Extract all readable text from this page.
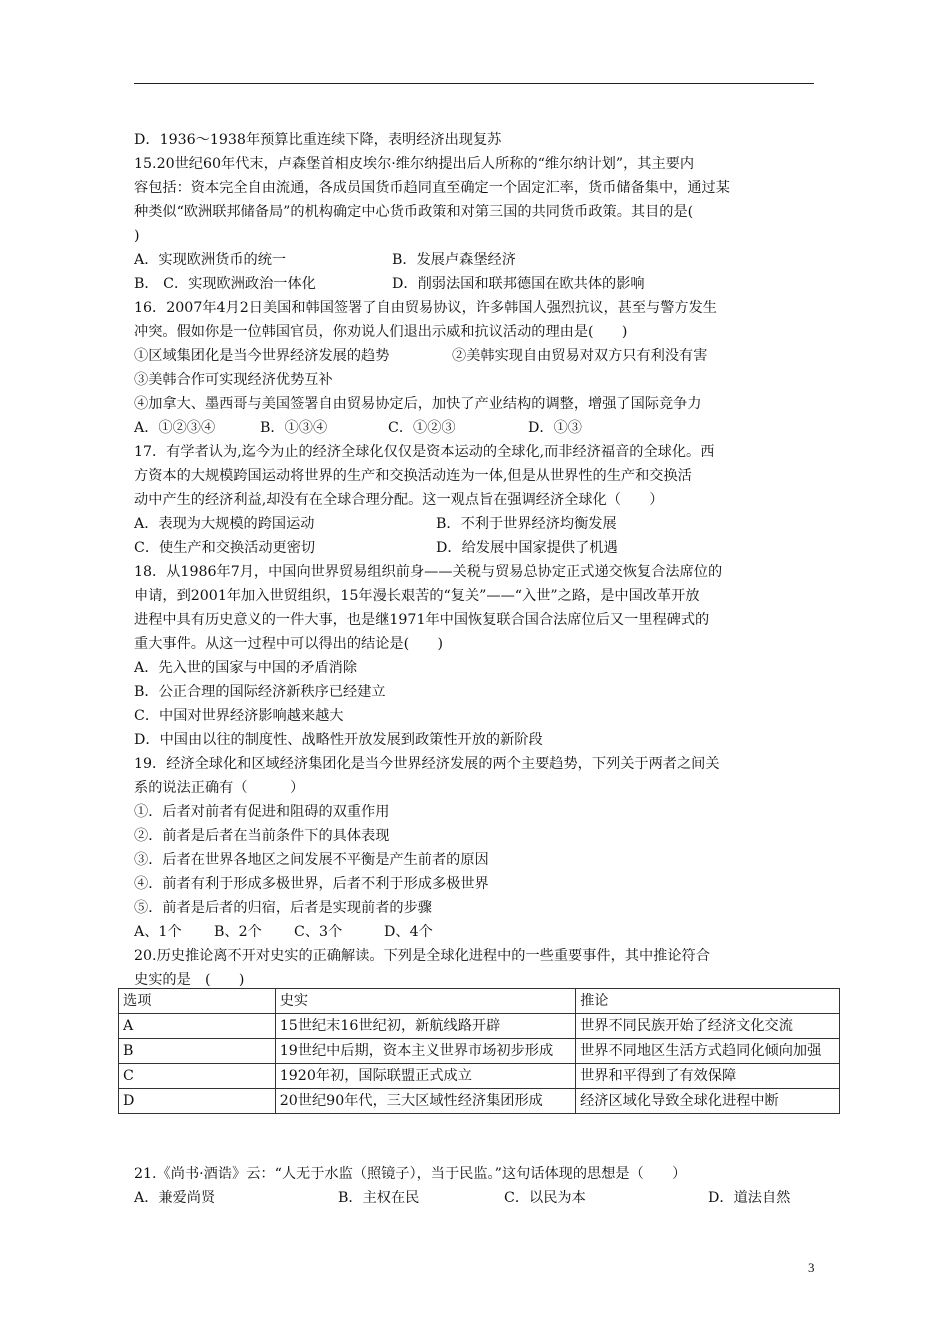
D．1936～1938年预算比重连续下降，表明经济出现复苏
15.20世纪60年代末，卢森堡首相皮埃尔·维尔纳提出后人所称的“维尔纳计划”，其主要内
容包括：资本完全自由流通，各成员国货币趋同直至确定一个固定汇率，货币储备集中，通过某
种类似“欧洲联邦储备局”的机构确定中心货币政策和对第三国的共同货币政策。其目的是(
)
A．实现欧洲货币的统一	B．发展卢森堡经济
B． C．实现欧洲政治一体化	D．削弱法国和联邦德国在欧共体的影响
16．2007年4月2日美国和韩国签署了自由贸易协议，许多韩国人强烈抗议，甚至与警方发生
冲突。假如你是一位韩国官员，你劝说人们退出示威和抗议活动的理由是(　　)
①区域集团化是当今世界经济发展的趋势	②美韩实现自由贸易对双方只有利没有害
③美韩合作可实现经济优势互补
④加拿大、墨西哥与美国签署自由贸易协定后，加快了产业结构的调整，增强了国际竞争力
A．①②③④	B．①③④	C．①②③	D．①③
17．有学者认为,迄今为止的经济全球化仅仅是资本运动的全球化,而非经济福音的全球化。西
方资本的大规模跨国运动将世界的生产和交换活动连为一体,但是从世界性的生产和交换活
动中产生的经济利益,却没有在全球合理分配。这一观点旨在强调经济全球化（　　）
A．表现为大规模的跨国运动	B．不利于世界经济均衡发展
C．使生产和交换活动更密切	D．给发展中国家提供了机遇
18．从1986年7月，中国向世界贸易组织前身——关税与贸易总协定正式递交恢复合法席位的
申请，到2001年加入世贸组织，15年漫长艰苦的“复关”——“入世”之路，是中国改革开放
进程中具有历史意义的一件大事，也是继1971年中国恢复联合国合法席位后又一里程碑式的
重大事件。从这一过程中可以得出的结论是(　　)
A．先入世的国家与中国的矛盾消除
B．公正合理的国际经济新秩序已经建立
C．中国对世界经济影响越来越大
D．中国由以往的制度性、战略性开放发展到政策性开放的新阶段
19．经济全球化和区域经济集团化是当今世界经济发展的两个主要趋势，下列关于两者之间关
系的说法正确有（　　　）
①．后者对前者有促进和阻碍的双重作用
②．前者是后者在当前条件下的具体表现
③．后者在世界各地区之间发展不平衡是产生前者的原因
④．前者有利于形成多极世界，后者不利于形成多极世界
⑤．前者是后者的归宿，后者是实现前者的步骤
A、1个	B、2个	C、3个	D、4个
20.历史推论离不开对史实的正确解读。下列是全球化进程中的一些重要事件，其中推论符合
史实的是　(　　)
选项	史实	推论
A	15世纪末16世纪初，新航线路开辟	世界不同民族开始了经济文化交流
B	19世纪中后期，资本主义世界市场初步形成	世界不同地区生活方式趋同化倾向加强
C	1920年初，国际联盟正式成立	世界和平得到了有效保障
D	20世纪90年代，三大区域性经济集团形成	经济区域化导致全球化进程中断
21.《尚书·酒诰》云：“人无于水监（照镜子），当于民监。”这句话体现的思想是（　　）
A．兼爱尚贤	B．主权在民	C．以民为本	D．道法自然
3
